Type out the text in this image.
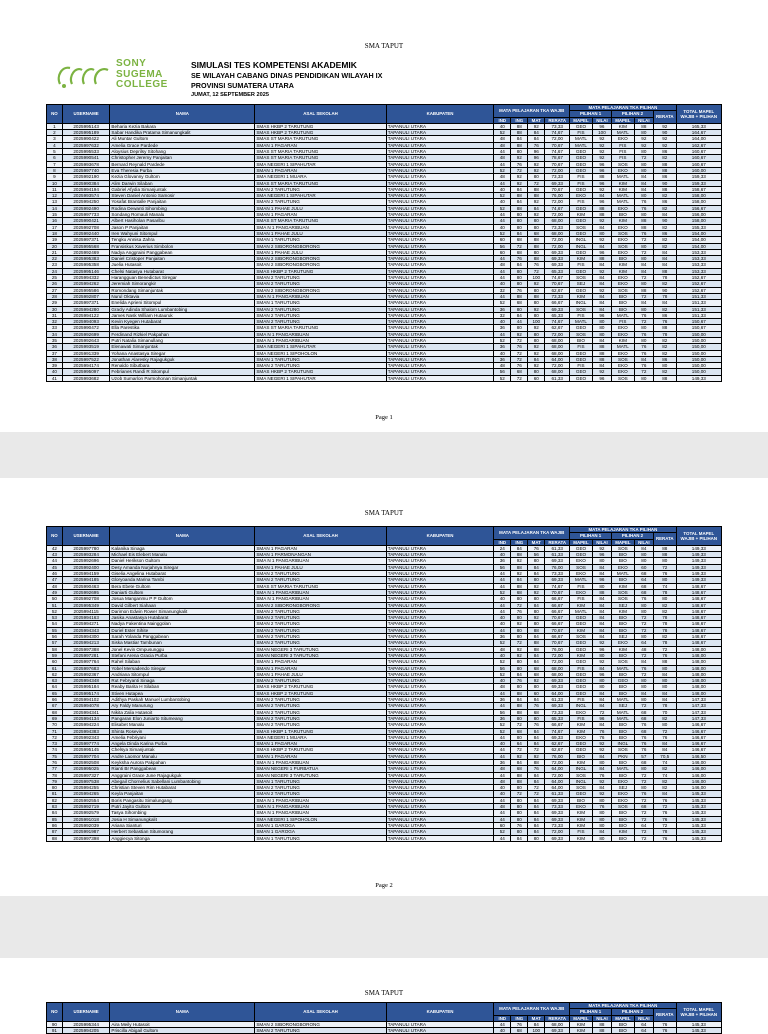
SMA TAPUT
SONY
SUGEMA
COLLEGE
SIMULASI TES KOMPETENSI AKADEMIK
SE WILAYAH CABANG DINAS PENDIDIKAN WILAYAH IX
PROVINSI SUMATERA UTARA
JUMAT, 12 SEPTEMBER 2025
NO	USERNAME	NAMA	ASAL SEKOLAH	KABUPATEN	MATA PELAJARAN TKA WAJIB				MATA PELAJARAN TKA PILIHAN					TOTAL MAPEL
WAJIB + PILIHAN
									PILIHAN 1		PILIHAN 2		RERATA	
					IND	ING	MAT	RERATA	MAPEL	NILAI	MAPEL	NILAI		
1	2025995143	Beharia Kezia Bakara	SMAS HKBP 2 TARUTUNG	TAPANULI UTARA	40	88	92	73,33	GEO	96	KIM	88	92	165,33
2	2025995189	Sabar Handika Pratama Simanungkalit	SMAS HKBP 2 TARUTUNG	TAPANULI UTARA	52	88	84	74,67	FIS	100	MATL	80	90	164,67
3	2025990422	Ali Muntar Gultom	SMAS ST MARIA TARUTUNG	TAPANULI UTARA	48	84	84	72,00	MATL	92	EKO	92	92	164,00
4	2025997632	Amelia Grace Pardede	SMAN 1 PAGARAN	TAPANULI UTARA	48	88	76	70,67	MATL	92	FIS	92	92	162,67
5	2025995533	Aloysius Deprilsy Sitohang	SMAS ST MARIA TARUTUNG	TAPANULI UTARA	44	80	96	74,67	GEO	92	FIS	80	86	160,67
6	2025990541	Christopher Jeremy Panjaitan	SMAS ST MARIA TARUTUNG	TAPANULI UTARA	48	92	96	78,67	GEO	92	FIS	72	82	160,67
7	2025993678	Bernard Reynald Pardede	SMA NEGERI 1 SIPAHUTAR	TAPANULI UTARA	44	76	92	70,67	GEO	96	SOS	80	88	160,67
8	2025997740	Eva Theresia Purba	SMAN 1 PAGARAN	TAPANULI UTARA	52	72	92	72,00	GEO	96	EKO	80	88	160,00
9	2025992190	Kezia Glovanny Gultom	SMA NEGERI 1 MUARA	TAPANULI UTARA	48	92	80	73,33	FIS	88	MATL	84	86	159,33
10	2025990384	Alim Darwin Silaban	SMAS ST MARIA TARUTUNG	TAPANULI UTARA	44	92	72	69,33	FIS	96	KIM	84	90	159,33
11	2025994194	Gabriel Afydia Simanjuntak	SMAN 2 TARUTUNG	TAPANULI UTARA	40	84	88	70,67	GEO	92	KIM	84	88	158,67
12	2025993574	Steven Daniel Antonio Samosir	SMA NEGERI 1 SIPAHUTAR	TAPANULI UTARA	52	88	88	76,00	EKO	84	MATL	80	82	158,00
13	2025994250	Yosafat Brantalle Panjaitan	SMAN 2 TARUTUNG	TAPANULI UTARA	40	84	92	72,00	FIS	96	MATL	76	86	158,00
14	2025992490	Rodina Dewanti Sihombing	SMAN 1 PAHAE JULU	TAPANULI UTARA	52	88	84	74,67	GEO	88	EKO	76	82	156,67
15	2025997733	Sondang Romauli Manalu	SMAN 1 PAGARAN	TAPANULI UTARA	44	80	92	72,00	KIM	88	BIO	80	84	156,00
16	2025990421	Albert Hasiholan Pasaribu	SMAS ST MARIA TARUTUNG	TAPANULI UTARA	44	80	80	68,00	GEO	92	KIM	88	90	158,00
17	2025992708	Jason P Panjaitan	SMA N 1 PANGARIBUAN	TAPANULI UTARA	40	80	80	73,33	SOS	84	EKO	88	82	155,33
18	2025992440	Iren Wahyuni Sitompul	SMAN 1 PAHAE JULU	TAPANULI UTARA	52	84	68	68,00	GEO	80	SOS	76	86	154,00
19	2025997371	Tengku Annisa Zahra	SMAN 1 TARUTUNG	TAPANULI UTARA	60	68	88	72,00	INGL	92	EKO	72	82	154,00
20	2025995568	Fransiskus Xaverius Simbolon	SMAN 2 SIBORONGBORONG	TAPANULI UTARA	56	72	88	72,00	INGL	84	SOS	80	82	154,00
21	2025992469	Nadya Anggraini Panggabean	SMAN 1 PAHAE JULU	TAPANULI UTARA	60	68	80	69,33	GEO	96	EKO	72	84	153,33
22	2025995383	Daniel Cristoper Panjaitan	SMAN 2 SIBORONGBORONG	TAPANULI UTARA	44	76	88	69,33	KIM	88	BIO	80	84	153,33
23	2025995358	Juelia Hutasoit	SMAN 2 SIBORONGBORONG	TAPANULI UTARA	48	84	76	69,33	FIS	84	KIM	84	84	153,33
24	2025995146	Chelsi Natasya Hutabarat	SMAS HKBP 2 TARUTUNG	TAPANULI UTARA	44	80	72	65,33	GEO	92	KIM	84	88	153,33
25	2025994332	Harangguan Benedictus Siregar	SMAN 2 TARUTUNG	TAPANULI UTARA	44	80	100	74,67	SOS	84	EKO	72	78	152,67
26	2025994262	Jeremiah Simorangkir	SMAN 2 TARUTUNG	TAPANULI UTARA	40	80	92	70,67	SEJ	84	EKO	80	82	152,67
27	2025995586	Romondang Simanjuntak	SMAN 2 SIBORONGBORONG	TAPANULI UTARA	32	76	80	62,67	GEO	92	SOS	88	90	152,67
28	2025992807	Nurul Oktavia	SMA N 1 PANGARIBUAN	TAPANULI UTARA	44	88	88	73,33	KIM	84	BIO	72	78	151,33
29	2025997371	Enelida Aprieni Sitompul	SMAN 1 TARUTUNG	TAPANULI UTARA	52	68	80	66,67	INGL	84	BIO	84	84	151,33
30	2025994280	Gracly Adinda Shalom Lumbantobing	SMAN 2 TARUTUNG	TAPANULI UTARA	36	80	92	69,33	SOS	84	BIO	80	82	151,33
31	2025994122	James Nask William Hutauruk	SMAN 2 TARUTUNG	TAPANULI UTARA	32	84	80	65,33	FIS	96	MATL	76	86	151,33
32	2025994093	Kevin Kyegen Hutabarat	SMAN 2 TARUTUNG	TAPANULI UTARA	40	44	100	74,67	MATL	80	FIS	72	76	150,67
33	2025990472	Ella Parestika	SMAS ST MARIA TARUTUNG	TAPANULI UTARA	36	80	92	62,67	GEO	80	EKO	80	88	150,67
34	2025992699	Ferdinand Rizkiel Pakpahan	SMA N 1 PANGARIBUAN	TAPANULI UTARA	44	92	80	72,00	SOS	80	EKO	76	78	150,00
35	2025992643	Putri Natalia Simanullang	SMA N 1 PANGARIBUAN	TAPANULI UTARA	52	72	80	68,00	BIO	84	KIM	80	82	150,00
36	2025993519	Elenawati Simanjuntak	SMA NEGERI 1 SIPAHUTAR	TAPANULI UTARA	36	76	92	68,00	FIS	88	MATL	76	82	150,00
37	2025991339	Yohana Anastasya Siregar	SMA NEGERI 1 SIPOHOLON	TAPANULI UTARA	40	72	92	68,00	GEO	88	EKO	76	82	150,00
38	2025997522	Jonathan Alaresky Rajagukguk	SMAN 1 TARUTUNG	TAPANULI UTARA	36	72	84	64,00	GEO	88	SOS	84	86	150,00
39	2025994174	Renaldo Sibutbara	SMAN 2 TARUTUNG	TAPANULI UTARA	48	76	92	72,00	FIS	84	EKO	76	80	150,00
40	2025995097	Febrianes Randi R Sitompul	SMAS HKBP 2 TARUTUNG	TAPANULI UTARA	56	68	80	68,00	GEO	92	EKO	72	82	150,00
41	2025993682	Uzob Sumarlon Parmohonan Simanjuntak	SMA NEGERI 1 SIPAHUTAR	TAPANULI UTARA	52	72	60	61,33	GEO	96	SOS	80	88	149,33
Page 1
SMA TAPUT
NO	USERNAME	NAMA	ASAL SEKOLAH	KABUPATEN	MATA PELAJARAN TKA WAJIB				MATA PELAJARAN TKA PILIHAN					TOTAL MAPEL
WAJIB + PILIHAN
									PILIHAN 1		PILIHAN 2		RERATA	
					IND	ING	MAT	RERATA	MAPEL	NILAI	MAPEL	NILAI		
42	2025997780	Kalanika Sinaga	SMAN 1 PAGARAN	TAPANULI UTARA	24	84	76	61,33	GEO	92	SOS	84	88	149,33
43	2025993284	Michael Eis Elebert Manalu	SMAN 1 PARMONANGAN	TAPANULI UTARA	40	88	56	61,33	GEO	96	BIO	80	88	149,33
44	2025992696	Daniel Herikson Gultom	SMA N 1 PANGARIBUAN	TAPANULI UTARA	36	92	80	69,33	EKO	80	BIO	80	80	149,33
45	2025992400	Desy Amanda Nurjahnya Siregar	SMAN 1 PAHAE JULU	TAPANULI UTARA	56	88	84	76,00	SOS	84	EKO	60	72	149,33
46	2025994159	Giselia Angelina Hutabarat	SMAN 2 TARUTUNG	TAPANULI UTARA	44	92	84	73,33	EKO	84	MATL	68	76	149,33
47	2025994185	Gloryoanda Marina Tambi	SMAN 2 TARUTUNG	TAPANULI UTARA	44	84	80	69,33	MATL	96	BIO	64	80	149,33
48	2025990463	Bera Ebete Gultom	SMAS ST MARIA TARUTUNG	TAPANULI UTARA	44	88	92	74,67	FIS	80	KIM	68	74	148,67
49	2025992695	Daniarti Gultom	SMA N 1 PANGARIBUAN	TAPANULI UTARA	52	68	92	70,67	EKO	88	SOS	68	78	148,67
50	2025992708	Josua Manganmu P P Gultom	SMA N 1 PANGARIBUAN	TAPANULI UTARA	40	80	80	66,67	FIS	84	SOS	76	80	148,67
51	2025995349	David Gilbert Siahaan	SMAN 2 SIBORONGBORONG	TAPANULI UTARA	44	72	84	66,67	KIM	84	SEJ	80	82	148,67
52	2025994115	Darimon Edwin Rower Simanungkalit	SMAN 2 TARUTUNG	TAPANULI UTARA	44	76	80	66,67	MATL	84	KIM	80	82	148,67
53	2025994163	Jasika Anastasya Hutabarat	SMAN 2 TARUTUNG	TAPANULI UTARA	40	80	92	70,67	GEO	84	BIO	72	78	148,67
54	2025994271	Nadya Fakentina Nainggolan	SMAN 2 TARUTUNG	TAPANULI UTARA	40	92	80	66,67	GEO	84	BIO	72	78	148,67
55	2025994343	Duriel Ester Sihite	SMAN 2 TARUTUNG	TAPANULI UTARA	44	80	88	70,67	KIM	84	BIO	72	78	148,67
56	2025994300	Sarah Yolanda Panggabean	SMAN 2 TARUTUNG	TAPANULI UTARA	36	80	84	66,67	SOS	84	SEJ	80	82	148,67
57	2025994213	Siska Mastiar Tambunan	SMAN 2 TARUTUNG	TAPANULI UTARA	52	72	88	70,67	GEO	92	EKO	64	78	148,67
58	2025997388	Jonel Kevin Ompusunggu	SMAN NEGERI 3 TARUTUNG	TAPANULI UTARA	48	92	88	76,00	GEO	96	KIM	48	72	148,00
59	2025997281	Stefani Arena Gracia Purba	SMAN NEGERI 3 TARUTUNG	TAPANULI UTARA	40	92	84	72,00	KIM	80	BIO	72	76	148,00
60	2025997764	Rahel Silaban	SMAN 1 PAGARAN	TAPANULI UTARA	52	80	84	72,00	GEO	92	SOS	84	88	148,00
61	2025997683	Yobel Mersadendo Siregar	SMAN 1 PAGARAN	TAPANULI UTARA	56	80	68	68,00	FIS	84	MATL	76	80	148,00
62	2025992367	Andriana Sitompul	SMAN 1 PAHAE JULU	TAPANULI UTARA	52	84	68	68,00	GEO	96	BIO	72	84	148,00
63	2025994348	Rut Febryanti Sinaga	SMAN 2 TARUTUNG	TAPANULI UTARA	40	76	92	69,33	GEO	80	GEO	80	80	148,00
64	2025995184	Reaby Barita H Silaban	SMAS HKBP 2 TARUTUNG	TAPANULI UTARA	48	80	80	69,33	GEO	80	BIO	80	80	148,00
65	2025995174	Stiven Hutapea	SMAS HKBP 2 TARUTUNG	TAPANULI UTARA	44	88	60	64,00	GEO	84	BIO	84	84	148,00
66	2025994102	Adithya Paskah Manuel Lumbantobing	SMAN 2 TARUTUNG	TAPANULI UTARA	36	84	84	61,33	FIS	84	MATL	80	84	147,33
67	2025994078	Ary Faldy Manurung	SMAN 2 TARUTUNG	TAPANULI UTARA	44	88	76	69,33	INGL	84	SEJ	72	78	147,33
68	2025994341	Nikita Zalia Hutasoit	SMAN 2 TARUTUNG	TAPANULI UTARA	56	88	68	73,33	EKO	72	MATL	68	70	147,33
69	2025994134	Pangaran Elon Juniarto Situmeang	SMAN 2 TARUTUNG	TAPANULI UTARA	36	80	80	65,33	FIS	96	MATL	68	82	147,33
70	2025994224	Elisabet Manalu	SMAN 2 TARUTUNG	TAPANULI UTARA	52	72	76	66,67	KIM	84	BIO	76	80	146,67
71	2025994383	Shinta Rosevin	SMAS HKBP 1 TARUTUNG	TAPANULI UTARA	52	68	84	74,67	KIM	76	BIO	68	72	146,67
72	2025992343	Amelia Febriyani	SMA NEGERI 1 MUARA	TAPANULI UTARA	44	80	84	69,33	EKO	76	BIO	76	76	146,67
73	2025997774	Angela Dinda Karina Purba	SMAN 1 PAGARAN	TAPANULI UTARA	40	64	84	62,67	GEO	92	INGL	76	84	146,67
74	2025995145	Chelsya Simanjuntak	SMAS HKBP 2 TARUTUNG	TAPANULI UTARA	44	72	72	62,67	GEO	92	SOS	76	84	146,67
75	2025997704	Andre Laomor Manalu	SMAN 1 PAGARAN	TAPANULI UTARA	44	92	92	76,00	BIO	84	PKN	57	70,5	146,50
76	2025992508	Keyksha Aurora Pakpahan	SMA N 1 PANGARIBUAN	TAPANULI UTARA	36	84	88	72,00	KIM	80	BIO	68	74	146,00
77	2025995025	Rianti Br Panggabean	SMAN NEGERI 1 PURBATUA	TAPANULI UTARA	48	68	76	64,00	INGL	84	MATL	80	82	146,00
78	2025997327	Anggraini Grace June Rajagukguk	SMAN NEGERI 3 TARUTUNG	TAPANULI UTARA	44	88	84	72,00	SOS	76	BIO	72	74	146,00
79	2025997538	Abegail Chornelius Sabellani Lumbantobing	SMAN 1 TARUTUNG	TAPANULI UTARA	48	88	84	64,00	INGL	92	EKO	72	82	146,00
80	2025994255	Christian Steven Rim Hutabarat	SMAN 2 TARUTUNG	TAPANULI UTARA	40	80	72	64,00	SOS	84	SEJ	80	82	146,00
81	2025994265	Keyla Panjaitan	SMAN 2 TARUTUNG	TAPANULI UTARA	40	72	72	61,33	GEO	92	EKO	76	84	145,33
82	2025992554	Boris Pangasitu Simalungang	SMA N 1 PANGARIBUAN	TAPANULI UTARA	44	80	84	69,33	BIO	80	EKO	72	76	145,33
83	2025992719	Putri Jayito Gultom	SMA N 1 PANGARIBUAN	TAPANULI UTARA	48	80	84	73,33	EKO	76	SOS	68	72	145,33
84	2025992579	Tasya Sihombing	SMA N 1 PANGARIBUAN	TAPANULI UTARA	44	80	84	69,33	KIM	80	BIO	72	76	145,33
85	2025991018	Josia H Simanungkalit	SMA NEGERI 1 SIPOHOLON	TAPANULI UTARA	44	80	84	69,33	KIM	80	BIO	72	76	145,33
86	2025992039	Ariana Sianturi	SMAN 1 GAROGA	TAPANULI UTARA	60	76	84	73,33	KIM	80	BIO	64	72	145,33
87	2025991987	Herbert Sebastian Situmorang	SMAN 1 GAROGA	TAPANULI UTARA	52	80	84	72,00	FIS	84	KIM	72	78	145,33
88	2025997398	Anggiecya Sitonga	SMAN 1 TARUTUNG	TAPANULI UTARA	44	84	80	69,33	KIM	80	BIO	72	76	145,33
Page 2
SMA TAPUT
NO	USERNAME	NAMA	ASAL SEKOLAH	KABUPATEN	MATA PELAJARAN TKA WAJIB				MATA PELAJARAN TKA PILIHAN					TOTAL MAPEL
WAJIB + PILIHAN
									PILIHAN 1		PILIHAN 2		RERATA	
					IND	ING	MAT	RERATA	MAPEL	NILAI	MAPEL	NILAI		
90	2025995344	Aira Meily Hutasoit	SMAN 2 SIBORONGBORONG	TAPANULI UTARA	44	76	84	68,00	KIM	88	BIO	64	76	145,33
91	2025994205	Priscilla Abigail Gultom	SMAN 2 TARUTUNG	TAPANULI UTARA	40	68	100	69,33	KIM	88	BIO	64	76	145,33
